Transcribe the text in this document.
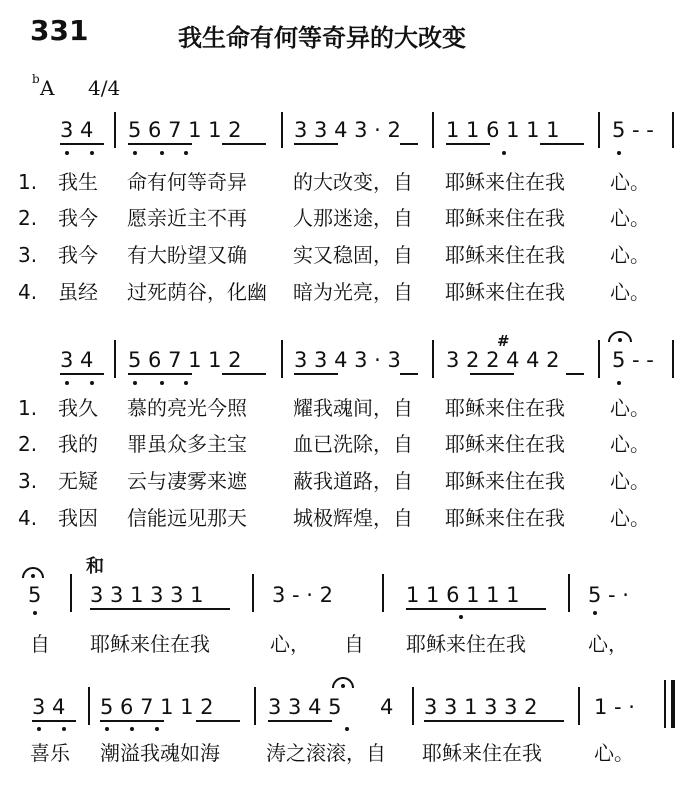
331	我生命有何等奇异的大改变
b A 4/4
3 4 5 6 7 1 1 2 3 3 4 3 · 2 1 1 6 1 1 1 5 - -
1. 我生 命有何等奇异 的大改变，自 耶稣来住在我 心。
2. 我今 愿亲近主不再 人那迷途，自 耶稣来住在我 心。
3. 我今 有大盼望又确 实又稳固，自 耶稣来住在我 心。
4. 虽经 过死荫谷，化幽 暗为光亮，自 耶稣来住在我 心。
3 4 5 6 7 1 1 2 3 3 4 3 · 3 3 2 2 4 4 2
#
5 - -
1. 我久 慕的亮光今照 耀我魂间，自 耶稣来住在我 心。
2. 我的 罪虽众多主宝 血已洗除，自 耶稣来住在我 心。
3. 无疑 云与凄雾来遮 蔽我道路，自 耶稣来住在我 心。
4. 我因 信能远见那天 城极辉煌，自 耶稣来住在我 心。
和
5 3 3 1 3 3 1	3 - · 2	1 1 6 1 1 1	5 - ·
自 耶稣来住在我	心， 自 耶稣来住在我	心，
3 4 5 6 7 1 1 2	3 3 4 5 4 3 3 1 3 3 2	1 - ·
喜乐 潮溢我魂如海 涛之滚滚，自 耶稣来住在我	心。
